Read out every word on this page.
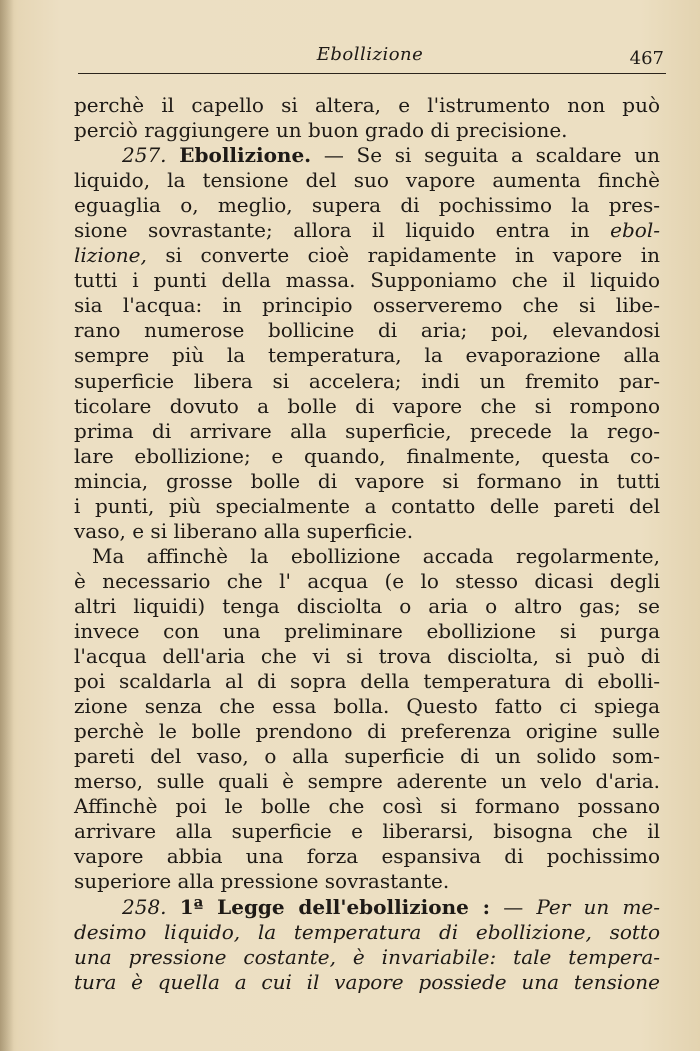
Ebollizione	467
perchè il capello si altera, e l'istrumento non può
perciò raggiungere un buon grado di precisione.
257. Ebollizione. — Se si seguita a scaldare un
liquido, la tensione del suo vapore aumenta finchè
eguaglia o, meglio, supera di pochissimo la pres-
sione sovrastante; allora il liquido entra in ebol-
lizione, si converte cioè rapidamente in vapore in
tutti i punti della massa. Supponiamo che il liquido
sia l'acqua: in principio osserveremo che si libe-
rano numerose bollicine di aria; poi, elevandosi
sempre più la temperatura, la evaporazione alla
superficie libera si accelera; indi un fremito par-
ticolare dovuto a bolle di vapore che si rompono
prima di arrivare alla superficie, precede la rego-
lare ebollizione; e quando, finalmente, questa co-
mincia, grosse bolle di vapore si formano in tutti
i punti, più specialmente a contatto delle pareti del
vaso, e si liberano alla superficie.
Ma affinchè la ebollizione accada regolarmente,
è necessario che l' acqua (e lo stesso dicasi degli
altri liquidi) tenga disciolta o aria o altro gas; se
invece con una preliminare ebollizione si purga
l'acqua dell'aria che vi si trova disciolta, si può di
poi scaldarla al di sopra della temperatura di ebolli-
zione senza che essa bolla. Questo fatto ci spiega
perchè le bolle prendono di preferenza origine sulle
pareti del vaso, o alla superficie di un solido som-
merso, sulle quali è sempre aderente un velo d'aria.
Affinchè poi le bolle che così si formano possano
arrivare alla superficie e liberarsi, bisogna che il
vapore abbia una forza espansiva di pochissimo
superiore alla pressione sovrastante.
258. 1ª Legge dell'ebollizione : — Per un me-
desimo liquido, la temperatura di ebollizione, sotto
una pressione costante, è invariabile: tale tempera-
tura è quella a cui il vapore possiede una tensione
